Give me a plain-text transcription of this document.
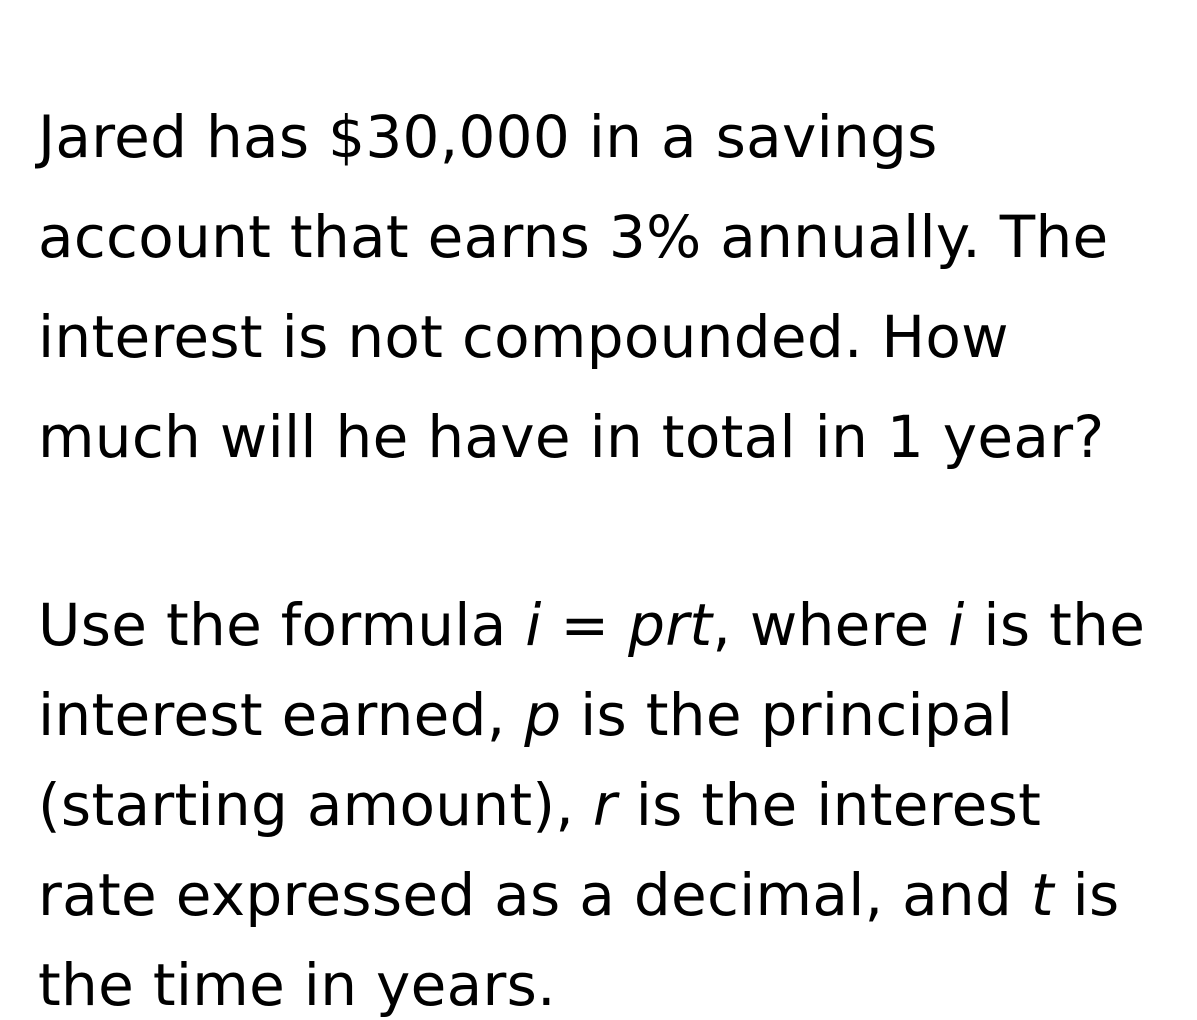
Jared has $30,000 in a savings
account that earns 3% annually. The
interest is not compounded. How
much will he have in total in 1 year?
Use the formula i = prt, where i is the
interest earned, p is the principal
(starting amount), r is the interest
rate expressed as a decimal, and t is
the time in years.
